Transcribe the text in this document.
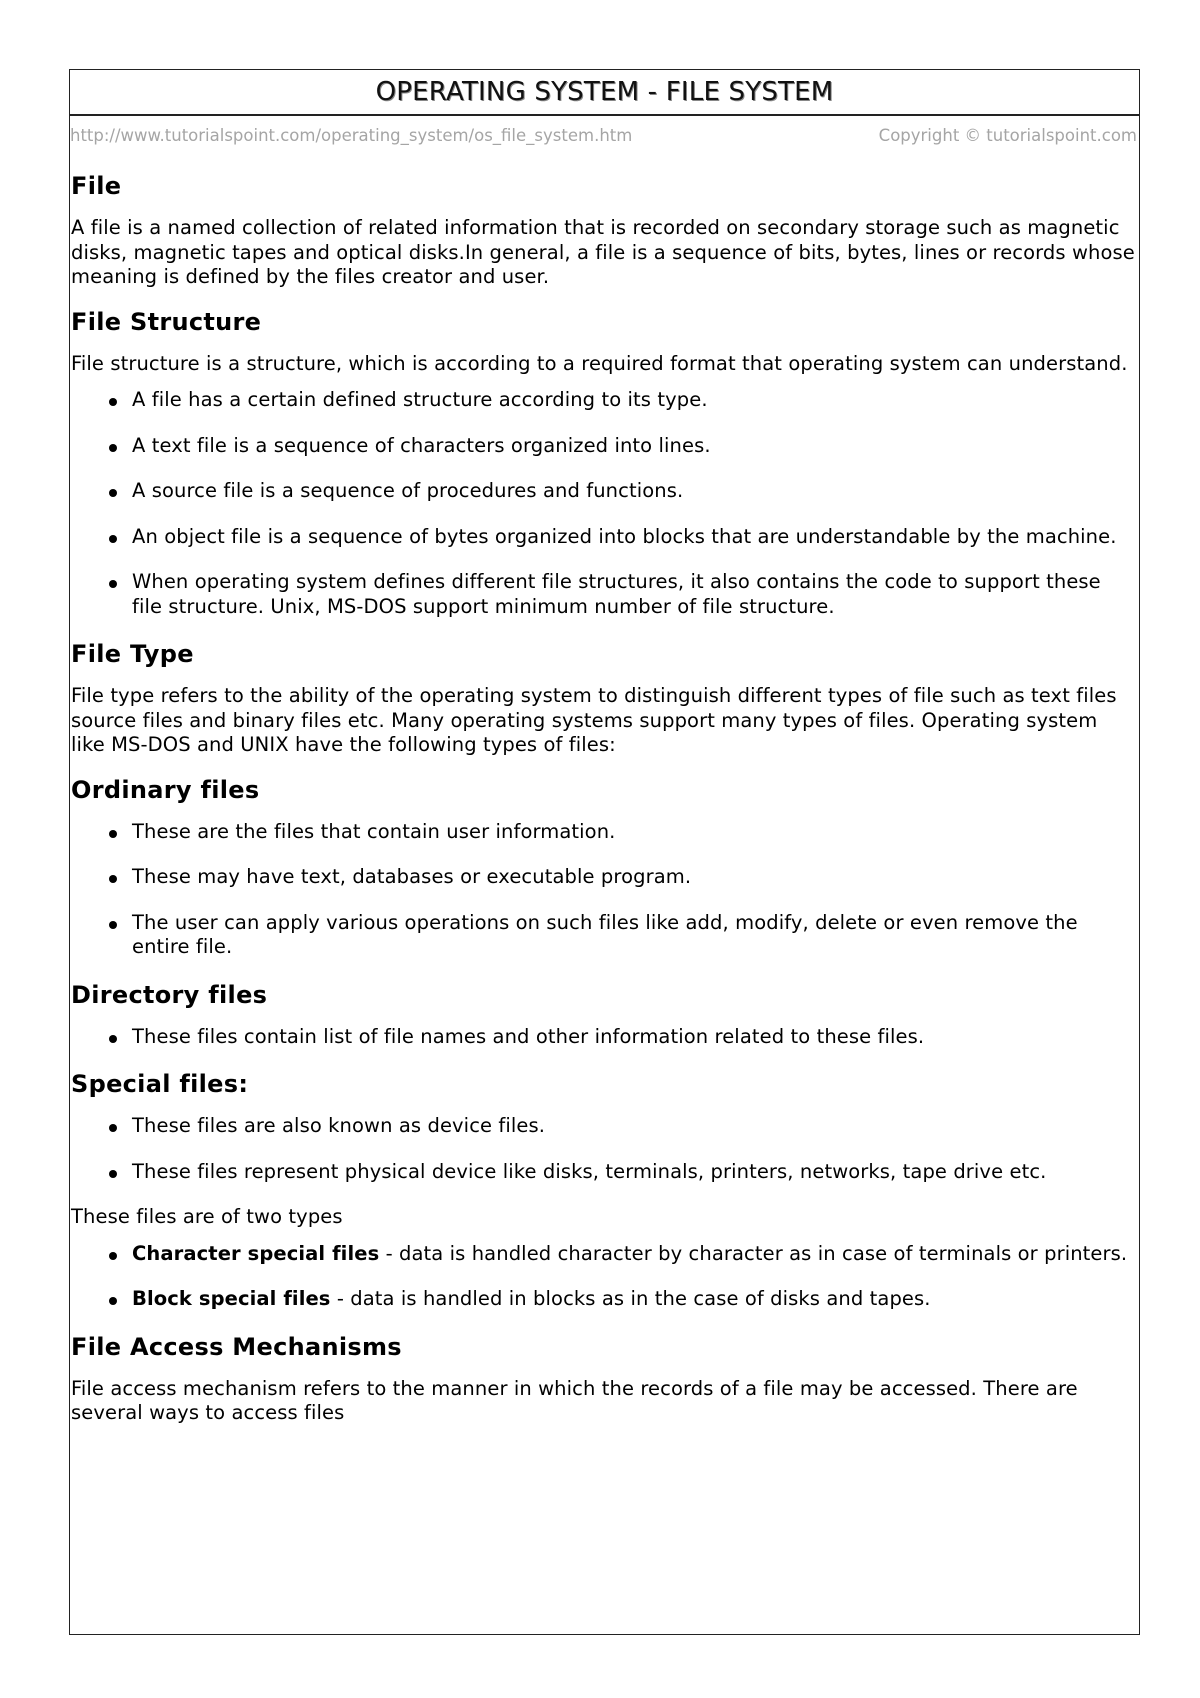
OPERATING SYSTEM - FILE SYSTEM
http://www.tutorialspoint.com/operating_system/os_file_system.htm	Copyright © tutorialspoint.com
File

A file is a named collection of related information that is recorded on secondary storage such as magnetic disks, magnetic tapes and optical disks.In general, a file is a sequence of bits, bytes, lines or records whose meaning is defined by the files creator and user.

File Structure

File structure is a structure, which is according to a required format that operating system can understand.

A file has a certain defined structure according to its type.
A text file is a sequence of characters organized into lines.
A source file is a sequence of procedures and functions.
An object file is a sequence of bytes organized into blocks that are understandable by the machine.
When operating system defines different file structures, it also contains the code to support these file structure. Unix, MS-DOS support minimum number of file structure.
File Type

File type refers to the ability of the operating system to distinguish different types of file such as text files source files and binary files etc. Many operating systems support many types of files. Operating system like MS-DOS and UNIX have the following types of files:

Ordinary files
These are the files that contain user information.
These may have text, databases or executable program.
The user can apply various operations on such files like add, modify, delete or even remove the entire file.
Directory files
These files contain list of file names and other information related to these files.
Special files:
These files are also known as device files.
These files represent physical device like disks, terminals, printers, networks, tape drive etc.

These files are of two types

Character special files - data is handled character by character as in case of terminals or printers.
Block special files - data is handled in blocks as in the case of disks and tapes.
File Access Mechanisms

File access mechanism refers to the manner in which the records of a file may be accessed. There are several ways to access files
